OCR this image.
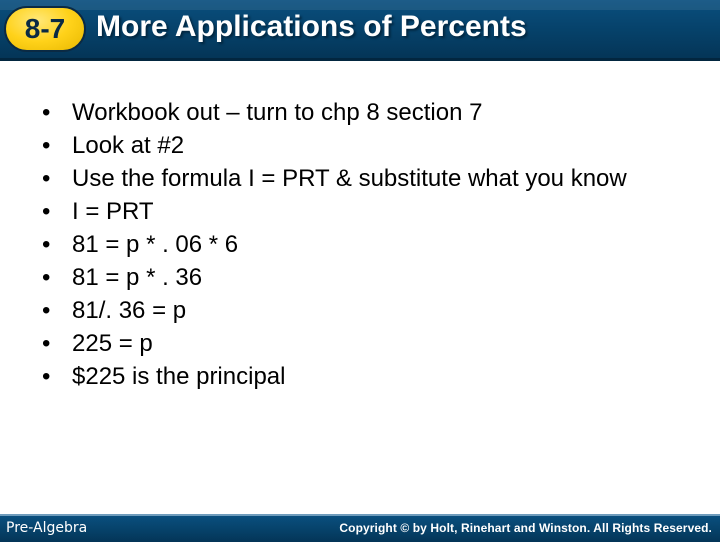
8-7 More Applications of Percents
• Workbook out – turn to chp 8 section 7
• Look at #2
• Use the formula I = PRT & substitute what you know
• I = PRT
• 81 = p * . 06 * 6
• 81 = p * . 36
• 81/. 36 = p
• 225 = p
• $225 is the principal
Pre-Algebra	Copyright © by Holt, Rinehart and Winston. All Rights Reserved.
